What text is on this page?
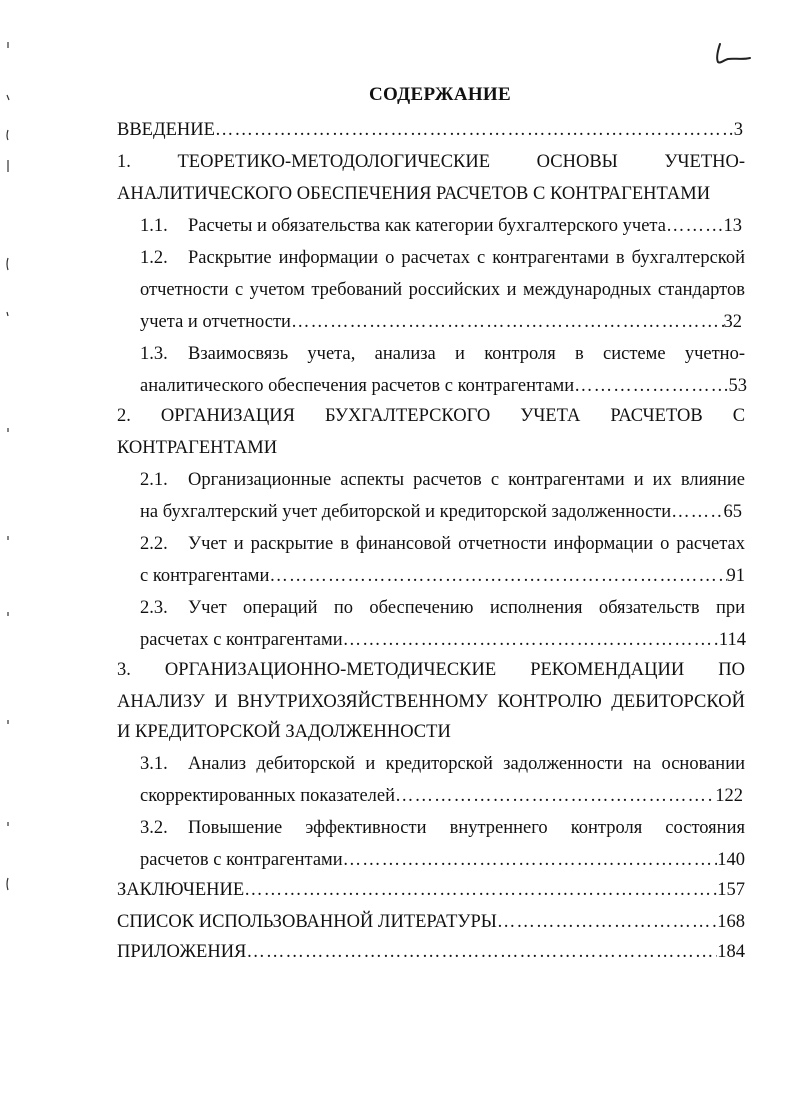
СОДЕРЖАНИЕ
ВВЕДЕНИЕ ……………………………………………………………………………………………………………………………………………………………………………………………………………	3
1.	ТЕОРЕТИКО-МЕТОДОЛОГИЧЕСКИЕ	ОСНОВЫ	УЧЕТНО-
АНАЛИТИЧЕСКОГО ОБЕСПЕЧЕНИЯ РАСЧЕТОВ С КОНТРАГЕНТАМИ
1.1. Расчеты и обязательства как категории бухгалтерского учета ……………………………………………………………………………………………………………………………………………………………………………………………………………	13
1.2. Раскрытие информации о расчетах с контрагентами в бухгалтерской
отчетности с учетом требований российских и международных стандартов
учета и отчетности ……………………………………………………………………………………………………………………………………………………………………………………………………………	32
1.3. Взаимосвязь учета, анализа и контроля в системе учетно-
аналитического обеспечения расчетов с контрагентами ……………………………………………………………………………………………………………………………………………………………………………………………………………	53
2. ОРГАНИЗАЦИЯ БУХГАЛТЕРСКОГО УЧЕТА РАСЧЕТОВ С
КОНТРАГЕНТАМИ
2.1. Организационные аспекты расчетов с контрагентами и их влияние
на бухгалтерский учет дебиторской и кредиторской задолженности ……………………………………………………………………………………………………………………………………………………………………………………………………………	65
2.2. Учет и раскрытие в финансовой отчетности информации о расчетах
с контрагентами ……………………………………………………………………………………………………………………………………………………………………………………………………………	91
2.3. Учет операций по обеспечению исполнения обязательств при
расчетах с контрагентами ……………………………………………………………………………………………………………………………………………………………………………………………………………	114
3. ОРГАНИЗАЦИОННО-МЕТОДИЧЕСКИЕ РЕКОМЕНДАЦИИ ПО
АНАЛИЗУ И ВНУТРИХОЗЯЙСТВЕННОМУ КОНТРОЛЮ ДЕБИТОРСКОЙ
И КРЕДИТОРСКОЙ ЗАДОЛЖЕННОСТИ
3.1. Анализ дебиторской и кредиторской задолженности на основании
скорректированных показателей ……………………………………………………………………………………………………………………………………………………………………………………………………………	122
3.2. Повышение эффективности внутреннего контроля состояния
расчетов с контрагентами ……………………………………………………………………………………………………………………………………………………………………………………………………………	140
ЗАКЛЮЧЕНИЕ ……………………………………………………………………………………………………………………………………………………………………………………………………………	157
СПИСОК ИСПОЛЬЗОВАННОЙ ЛИТЕРАТУРЫ ……………………………………………………………………………………………………………………………………………………………………………………………………………	168
ПРИЛОЖЕНИЯ ……………………………………………………………………………………………………………………………………………………………………………………………………………	184
